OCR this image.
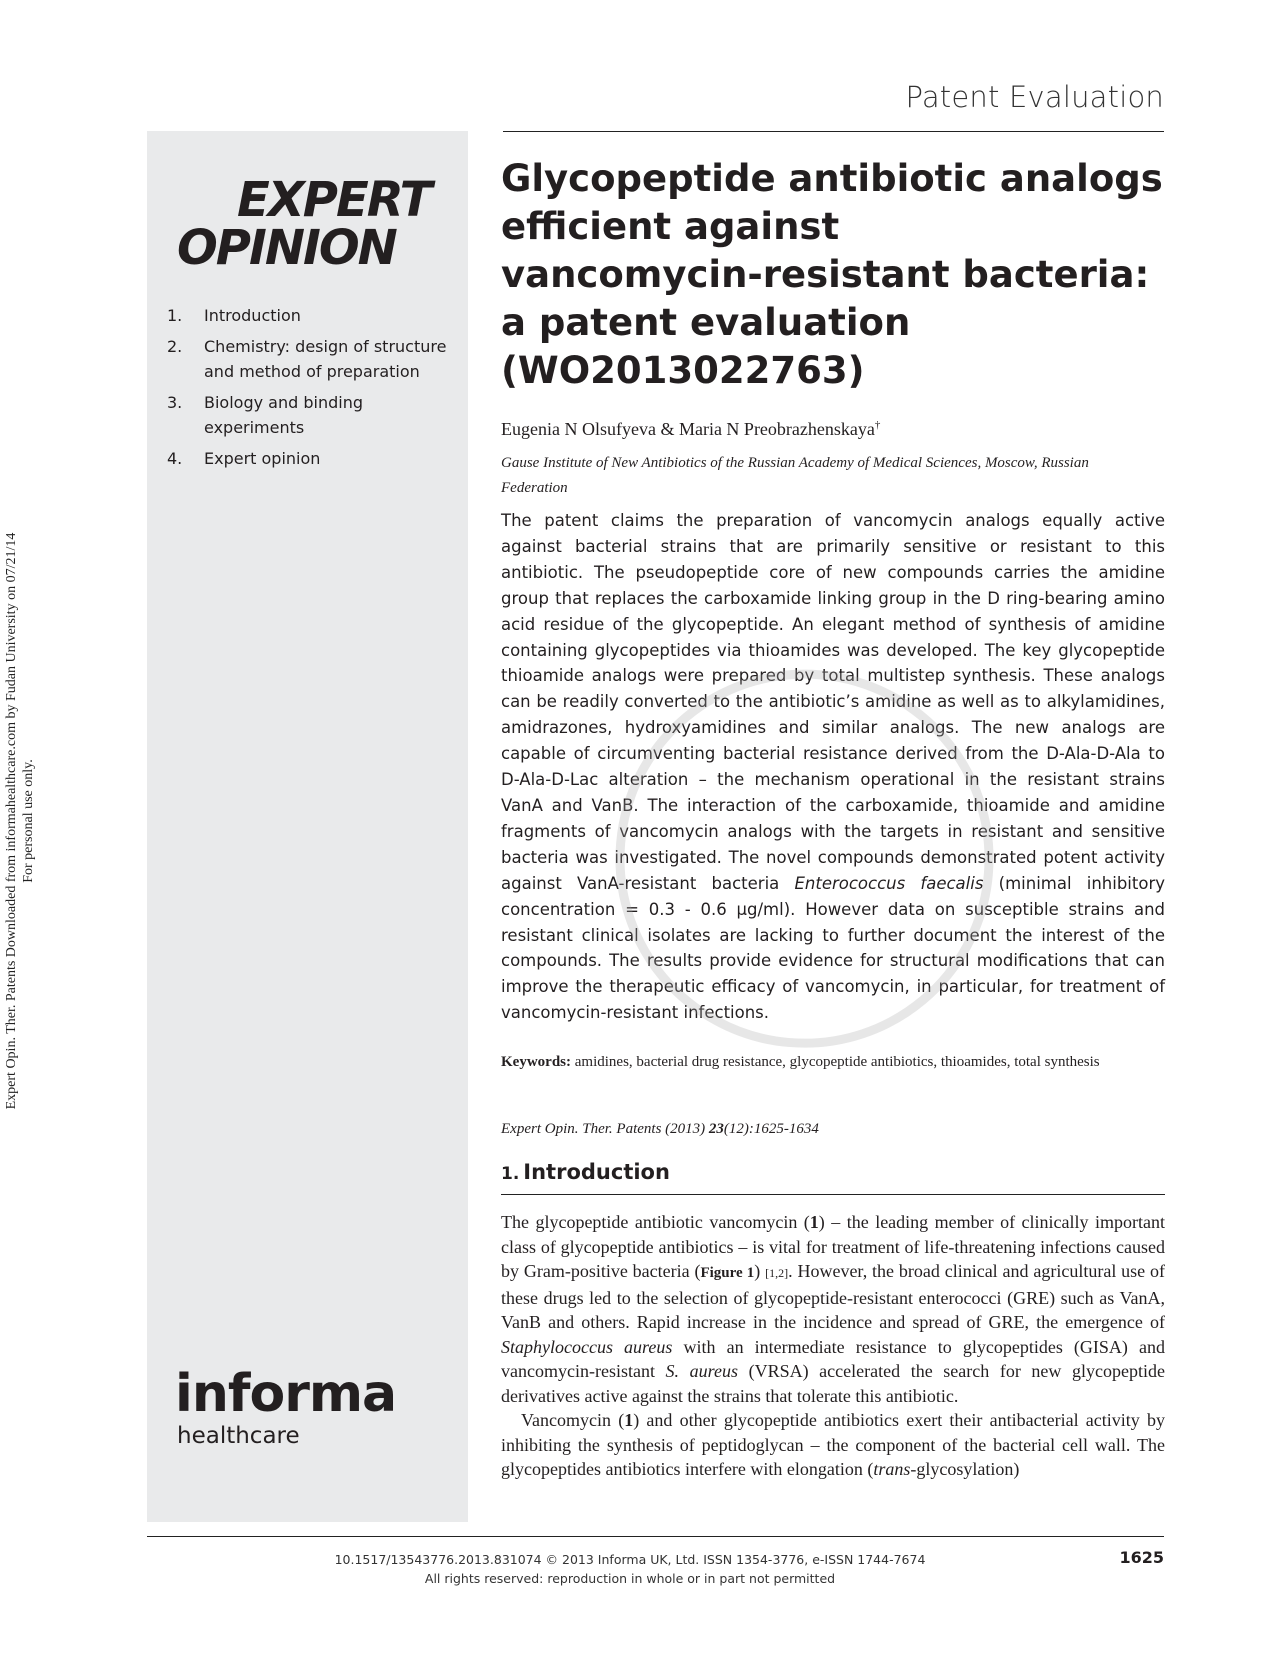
Expert Opin. Ther. Patents Downloaded from informahealthcare.com by Fudan University on 07/21/14 For personal use only.
Patent Evaluation
EXPERT
OPINION
1. Introduction
2. Chemistry: design of structure and method of preparation
3. Biology and binding experiments
4. Expert opinion
informa
healthcare
Glycopeptide antibiotic analogs
efficient against
vancomycin-resistant bacteria:
a patent evaluation
(WO2013022763)
Eugenia N Olsufyeva & Maria N Preobrazhenskaya†
Gause Institute of New Antibiotics of the Russian Academy of Medical Sciences, Moscow, Russian Federation

The patent claims the preparation of vancomycin analogs equally active against bacterial strains that are primarily sensitive or resistant to this antibiotic. The pseudopeptide core of new compounds carries the amidine group that replaces the carboxamide linking group in the D ring-bearing amino acid residue of the glycopeptide. An elegant method of synthesis of amidine containing glycopeptides via thioamides was developed. The key glycopeptide thioamide analogs were prepared by total multistep synthesis. These analogs can be readily converted to the antibiotic’s amidine as well as to alkylamidines, amidrazones, hydroxyamidines and similar analogs. The new analogs are capable of circumventing bacterial resistance derived from the D-Ala-D-Ala to D-Ala-D-Lac alteration – the mechanism operational in the resistant strains VanA and VanB. The interaction of the carboxamide, thioamide and amidine fragments of vancomycin analogs with the targets in resistant and sensitive bacteria was investigated. The novel compounds demonstrated potent activity against VanA-resistant bacteria Enterococcus faecalis (minimal inhibitory concentration = 0.3 - 0.6 μg/ml). However data on susceptible strains and resistant clinical isolates are lacking to further document the interest of the compounds. The results provide evidence for structural modifications that can improve the therapeutic efficacy of vancomycin, in particular, for treatment of vancomycin-resistant infections.

Keywords: amidines, bacterial drug resistance, glycopeptide antibiotics, thioamides, total synthesis
Expert Opin. Ther. Patents (2013) 23(12):1625-1634
1. Introduction

The glycopeptide antibiotic vancomycin (1) – the leading member of clinically important class of glycopeptide antibiotics – is vital for treatment of life-threatening infections caused by Gram-positive bacteria (Figure 1) [1,2]. However, the broad clinical and agricultural use of these drugs led to the selection of glycopeptide-resistant enterococci (GRE) such as VanA, VanB and others. Rapid increase in the incidence and spread of GRE, the emergence of Staphylococcus aureus with an intermediate resistance to glycopeptides (GISA) and vancomycin-resistant S. aureus (VRSA) accelerated the search for new glycopeptide derivatives active against the strains that tolerate this antibiotic.

Vancomycin (1) and other glycopeptide antibiotics exert their antibacterial activity by inhibiting the synthesis of peptidoglycan – the component of the bacterial cell wall. The glycopeptides antibiotics interfere with elongation (trans-glycosylation)

10.1517/13543776.2013.831074 © 2013 Informa UK, Ltd. ISSN 1354-3776, e-ISSN 1744-7674
All rights reserved: reproduction in whole or in part not permitted
1625
